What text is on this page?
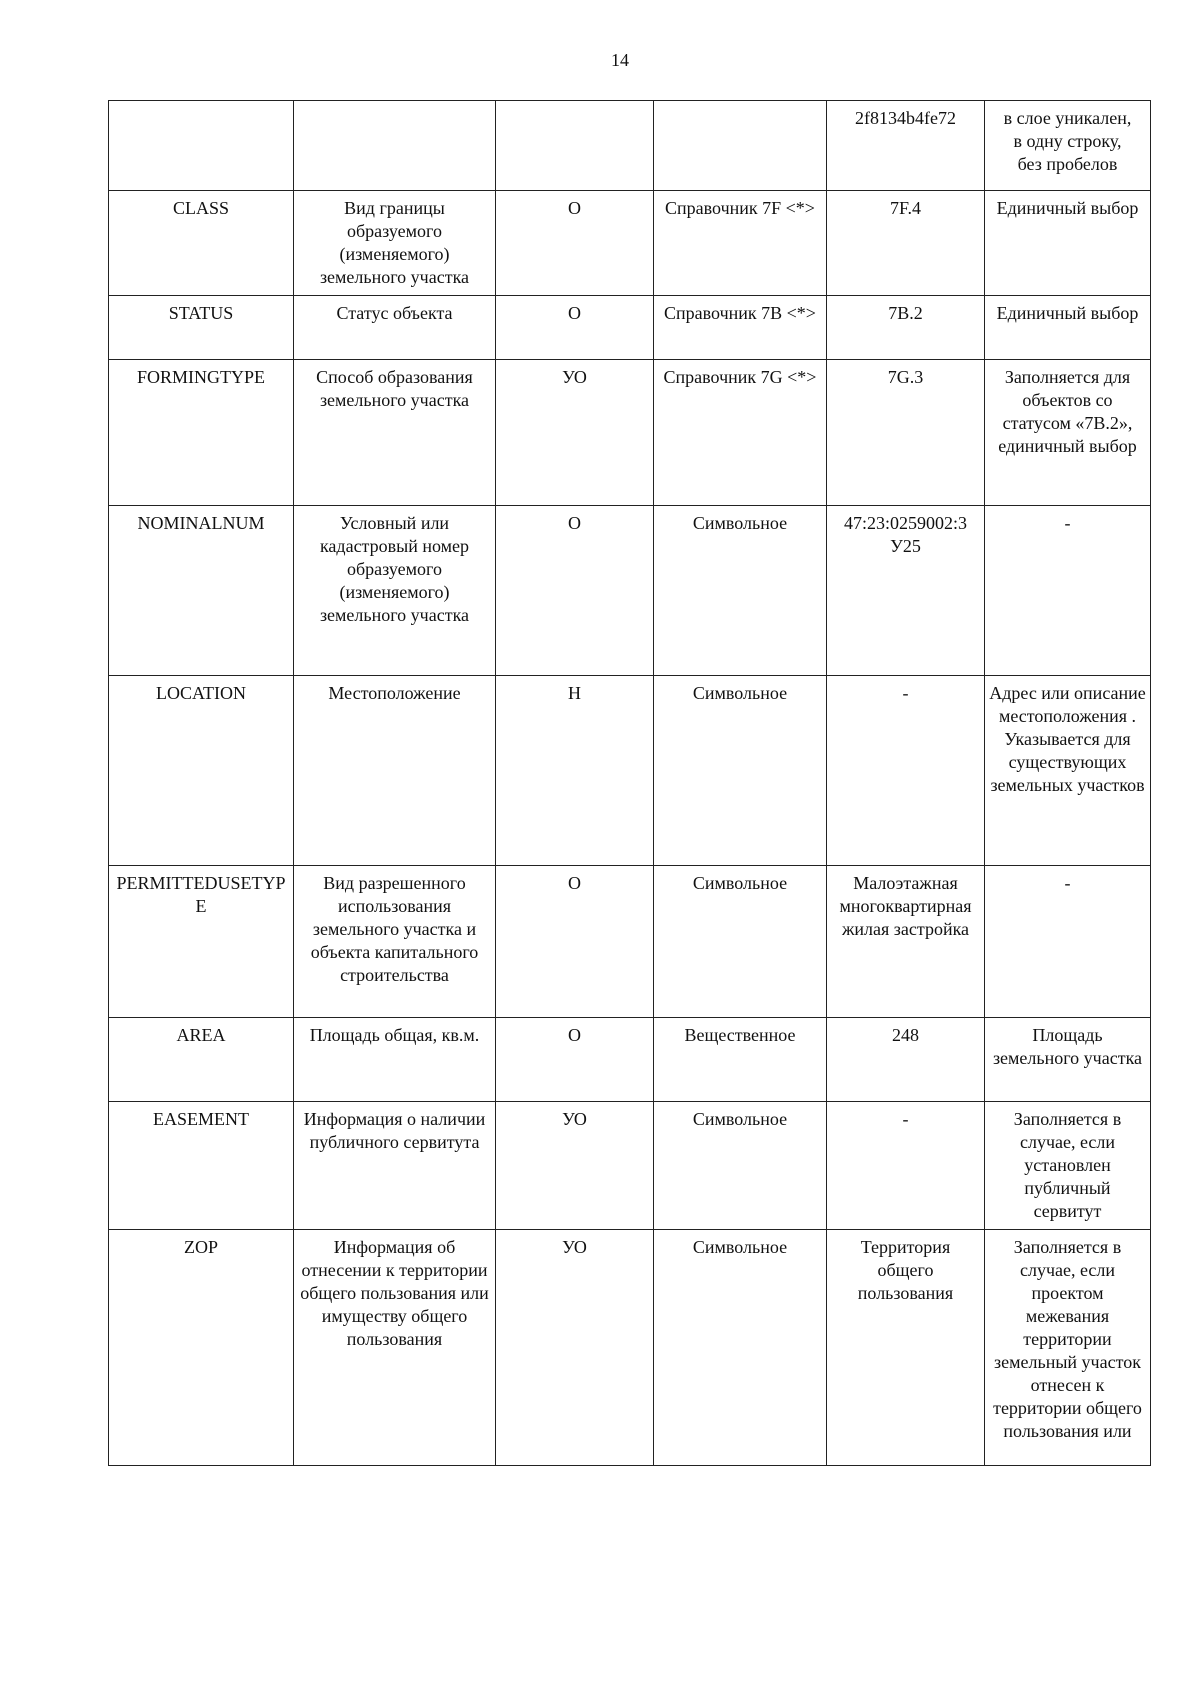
14
				2f8134b4fe72	в слое уникален,
в одну строку,
без пробелов
CLASS	Вид границы образуемого (изменяемого) земельного участка	О	Справочник 7F <*>	7F.4	Единичный выбор
STATUS	Статус объекта	О	Справочник 7В <*>	7В.2	Единичный выбор
FORMINGTYPE	Способ образования земельного участка	УО	Справочник 7G <*>	7G.3	Заполняется для объектов со статусом «7В.2», единичный выбор
NOMINALNUM	Условный или кадастровый номер образуемого (изменяемого) земельного участка	О	Символьное	47:23:0259002:3 У25	-
LOCATION	Местоположение	Н	Символьное	-	Адрес или описание местоположения . Указывается для существующих земельных участков
PERMITTEDUSETYPE	Вид разрешенного использования земельного участка и объекта капитального строительства	О	Символьное	Малоэтажная многоквартирная жилая застройка	-
AREA	Площадь общая, кв.м.	О	Вещественное	248	Площадь земельного участка
EASEMENT	Информация о наличии публичного сервитута	УО	Символьное	-	Заполняется в случае, если установлен публичный сервитут
ZOP	Информация об отнесении к территории общего пользования или имуществу общего пользования	УО	Символьное	Территория общего пользования	Заполняется в случае, если проектом межевания территории земельный участок отнесен к территории общего пользования или
